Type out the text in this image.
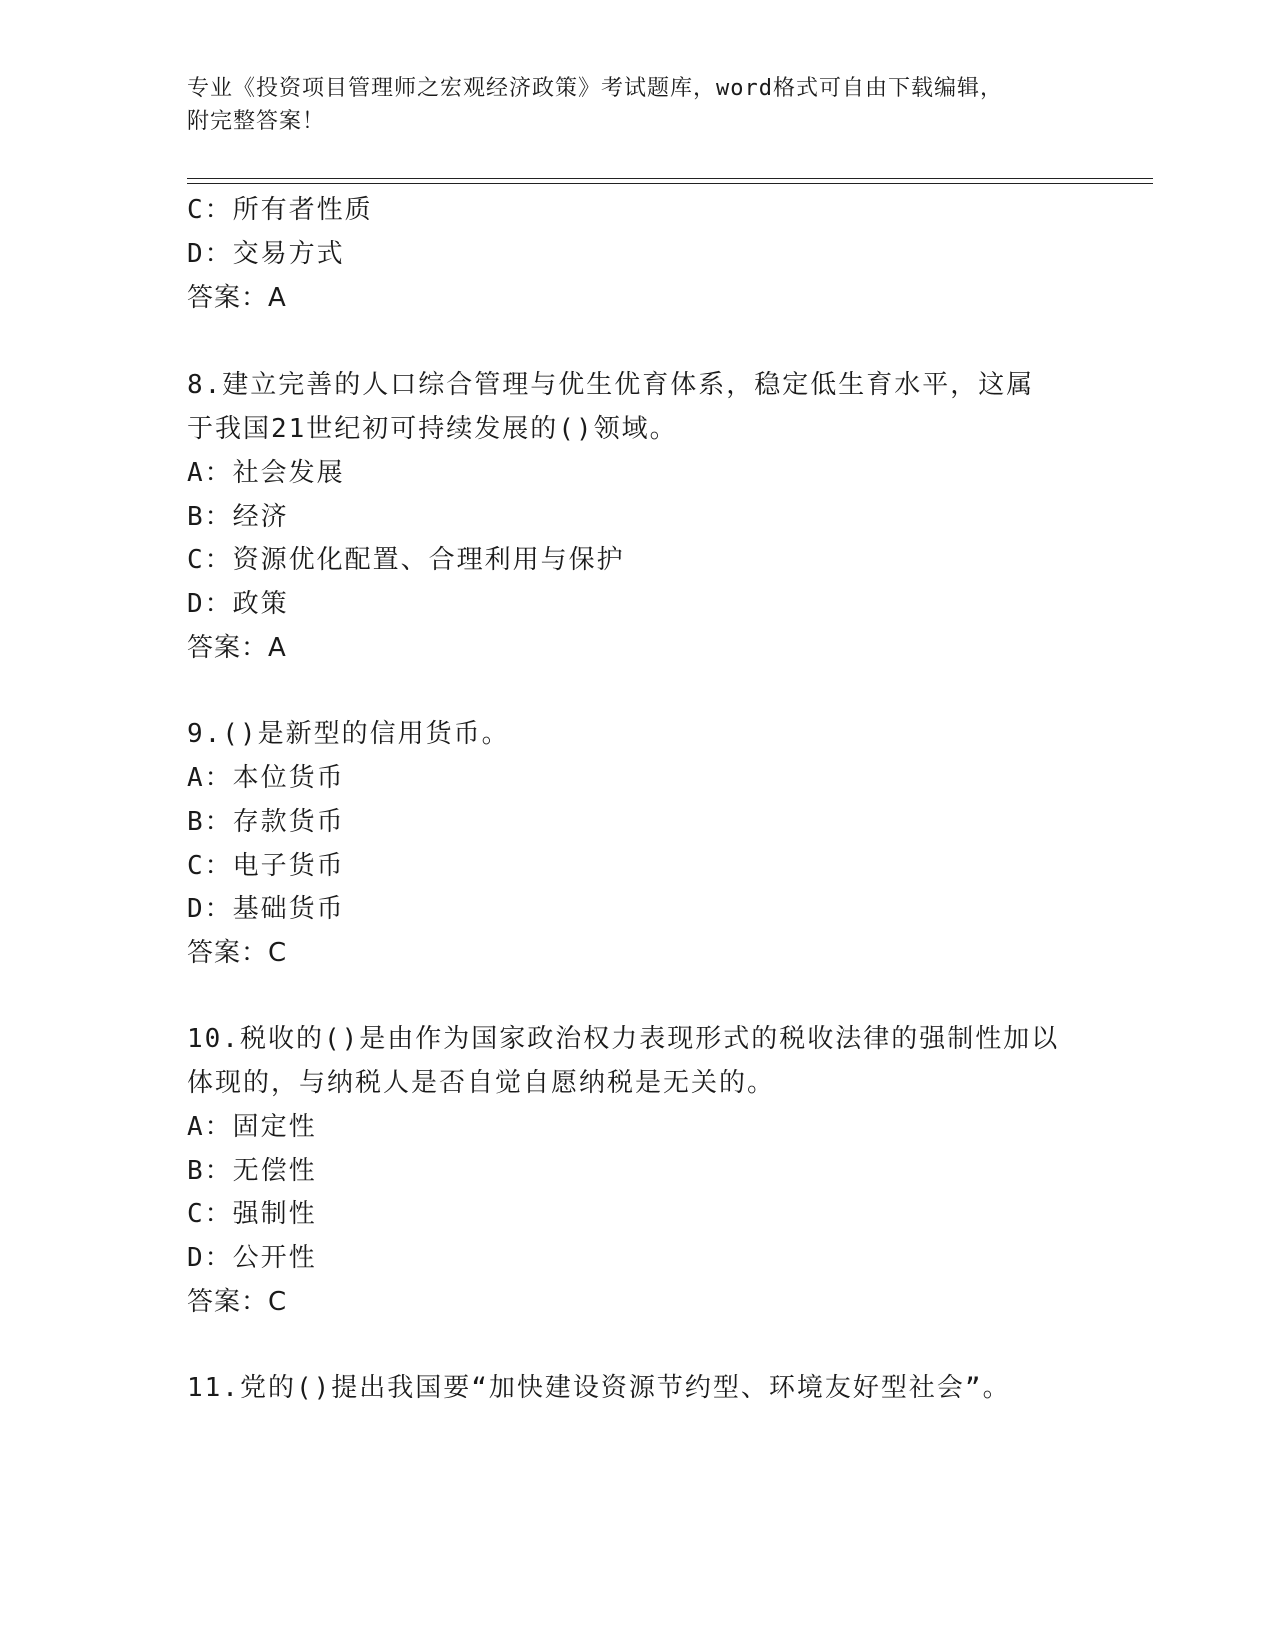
专业《投资项目管理师之宏观经济政策》考试题库，word格式可自由下载编辑，
附完整答案！
C：所有者性质
D：交易方式
答案：A
8.建立完善的人口综合管理与优生优育体系，稳定低生育水平，这属
于我国21世纪初可持续发展的()领域。
A：社会发展
B：经济
C：资源优化配置、合理利用与保护
D：政策
答案：A
9.()是新型的信用货币。
A：本位货币
B：存款货币
C：电子货币
D：基础货币
答案：C
10.税收的()是由作为国家政治权力表现形式的税收法律的强制性加以
体现的，与纳税人是否自觉自愿纳税是无关的。
A：固定性
B：无偿性
C：强制性
D：公开性
答案：C
11.党的()提出我国要“加快建设资源节约型、环境友好型社会”。
